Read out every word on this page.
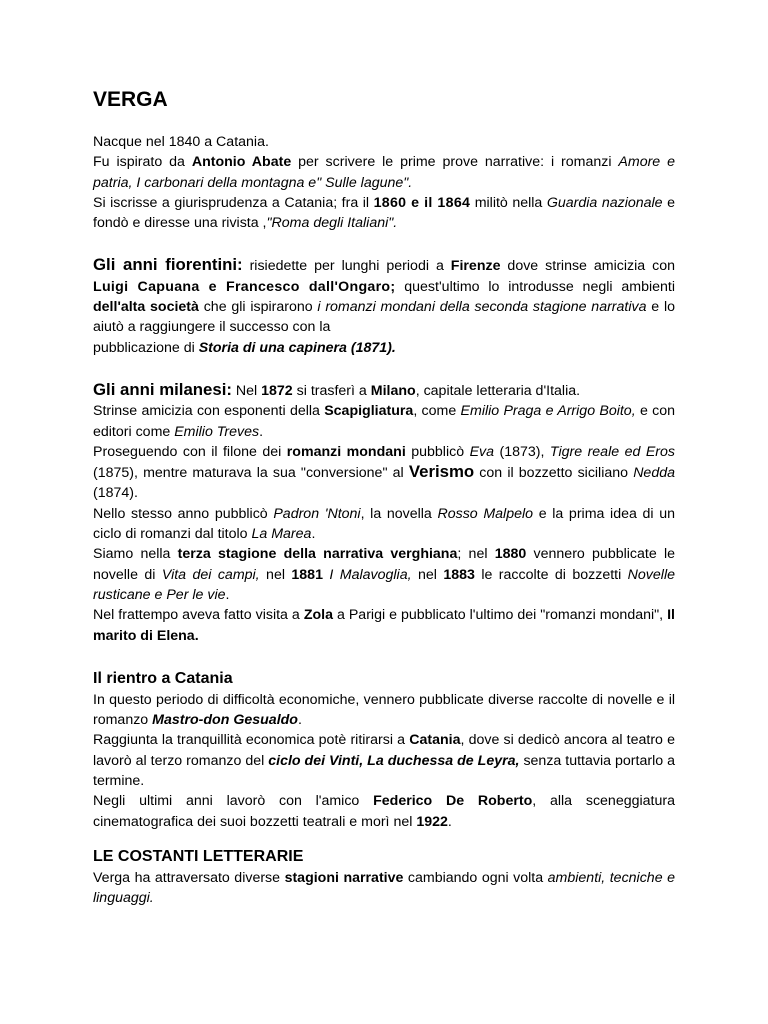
VERGA

Nacque nel 1840 a Catania.

Fu ispirato da Antonio Abate per scrivere le prime prove narrative: i romanzi Amore e patria, I carbonari della montagna e" Sulle lagune".

Si iscrisse a giurisprudenza a Catania; fra il 1860 e il 1864 militò nella Guardia nazionale e fondò e diresse una rivista ,"Roma degli Italiani".

Gli anni fiorentini: risiedette per lunghi periodi a Firenze dove strinse amicizia con Luigi Capuana e Francesco dall'Ongaro; quest'ultimo lo introdusse negli ambienti dell'alta società che gli ispirarono i romanzi mondani della seconda stagione narrativa e lo aiutò a raggiungere il successo con la

pubblicazione di Storia di una capinera (1871).

Gli anni milanesi: Nel 1872 si trasferì a Milano, capitale letteraria d'Italia.

Strinse amicizia con esponenti della Scapigliatura, come Emilio Praga e Arrigo Boito, e con editori come Emilio Treves.

Proseguendo con il filone dei romanzi mondani pubblicò Eva (1873), Tigre reale ed Eros (1875), mentre maturava la sua "conversione" al Verismo con il bozzetto siciliano Nedda (1874).

Nello stesso anno pubblicò Padron 'Ntoni, la novella Rosso Malpelo e la prima idea di un ciclo di romanzi dal titolo La Marea.

Siamo nella terza stagione della narrativa verghiana; nel 1880 vennero pubblicate le novelle di Vita dei campi, nel 1881 I Malavoglia, nel 1883 le raccolte di bozzetti Novelle rusticane e Per le vie.

Nel frattempo aveva fatto visita a Zola a Parigi e pubblicato l'ultimo dei "romanzi mondani", Il marito di Elena.

Il rientro a Catania

In questo periodo di difficoltà economiche, vennero pubblicate diverse raccolte di novelle e il romanzo Mastro-don Gesualdo.

Raggiunta la tranquillità economica potè ritirarsi a Catania, dove si dedicò ancora al teatro e lavorò al terzo romanzo del ciclo dei Vinti, La duchessa de Leyra, senza tuttavia portarlo a termine.

Negli ultimi anni lavorò con l'amico Federico De Roberto, alla sceneggiatura cinematografica dei suoi bozzetti teatrali e morì nel 1922.

LE COSTANTI LETTERARIE

Verga ha attraversato diverse stagioni narrative cambiando ogni volta ambienti, tecniche e linguaggi.
